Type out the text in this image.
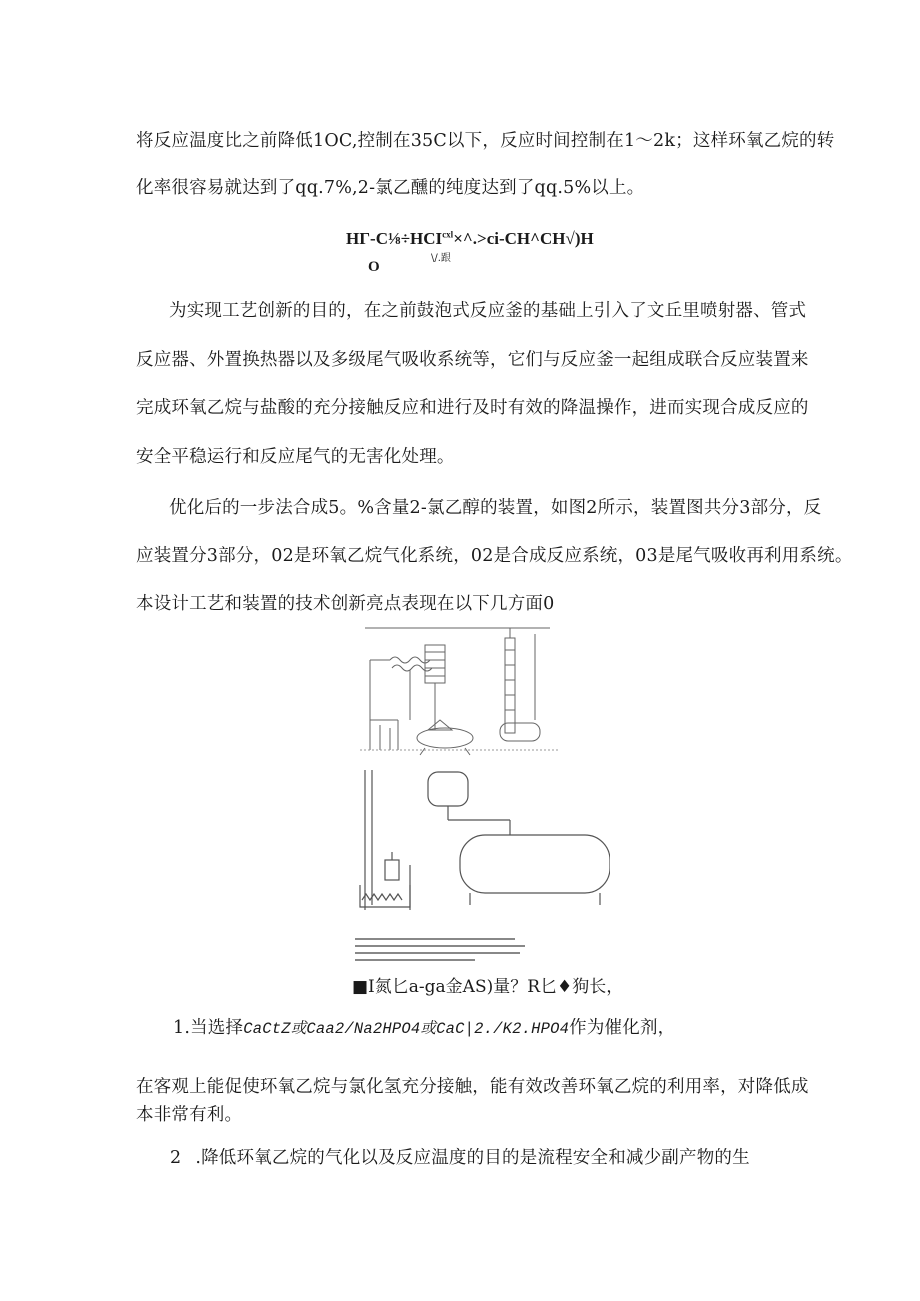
将反应温度比之前降低1OC,控制在35C以下，反应时间控制在1～2k；这样环氧乙烷的转
化率很容易就达到了qq.7%,2-氯乙醺的纯度达到了qq.5%以上。
$H\Gamma-C\frac{1}{8}\div HCI^{cxl}\times\^{}.>ci-CH\^{}CH√)H$
\/.跟
O
为实现工艺创新的目的，在之前鼓泡式反应釜的基础上引入了文丘里喷射器、管式
反应器、外置换热器以及多级尾气吸收系统等，它们与反应釜一起组成联合反应装置来
完成环氧乙烷与盐酸的充分接触反应和进行及时有效的降温操作，进而实现合成反应的
安全平稳运行和反应尾气的无害化处理。
优化后的一步法合成5。%含量2-氯乙醇的装置，如图2所示，装置图共分3部分，反
应装置分3部分，02是环氧乙烷气化系统，02是合成反应系统，03是尾气吸收再利用系统。
本设计工艺和装置的技术创新亮点表现在以下几方面0
■I氮匕a-ga金AS)量？R匕♦狗长，
1.当选择CaCtZ或Caa2/Na2HPO4或CaC|2./K2.HPO4作为催化剂，
在客观上能促使环氧乙烷与氯化氢充分接触，能有效改善环氧乙烷的利用率，对降低成
本非常有利。
2 .降低环氧乙烷的气化以及反应温度的目的是流程安全和减少副产物的生
